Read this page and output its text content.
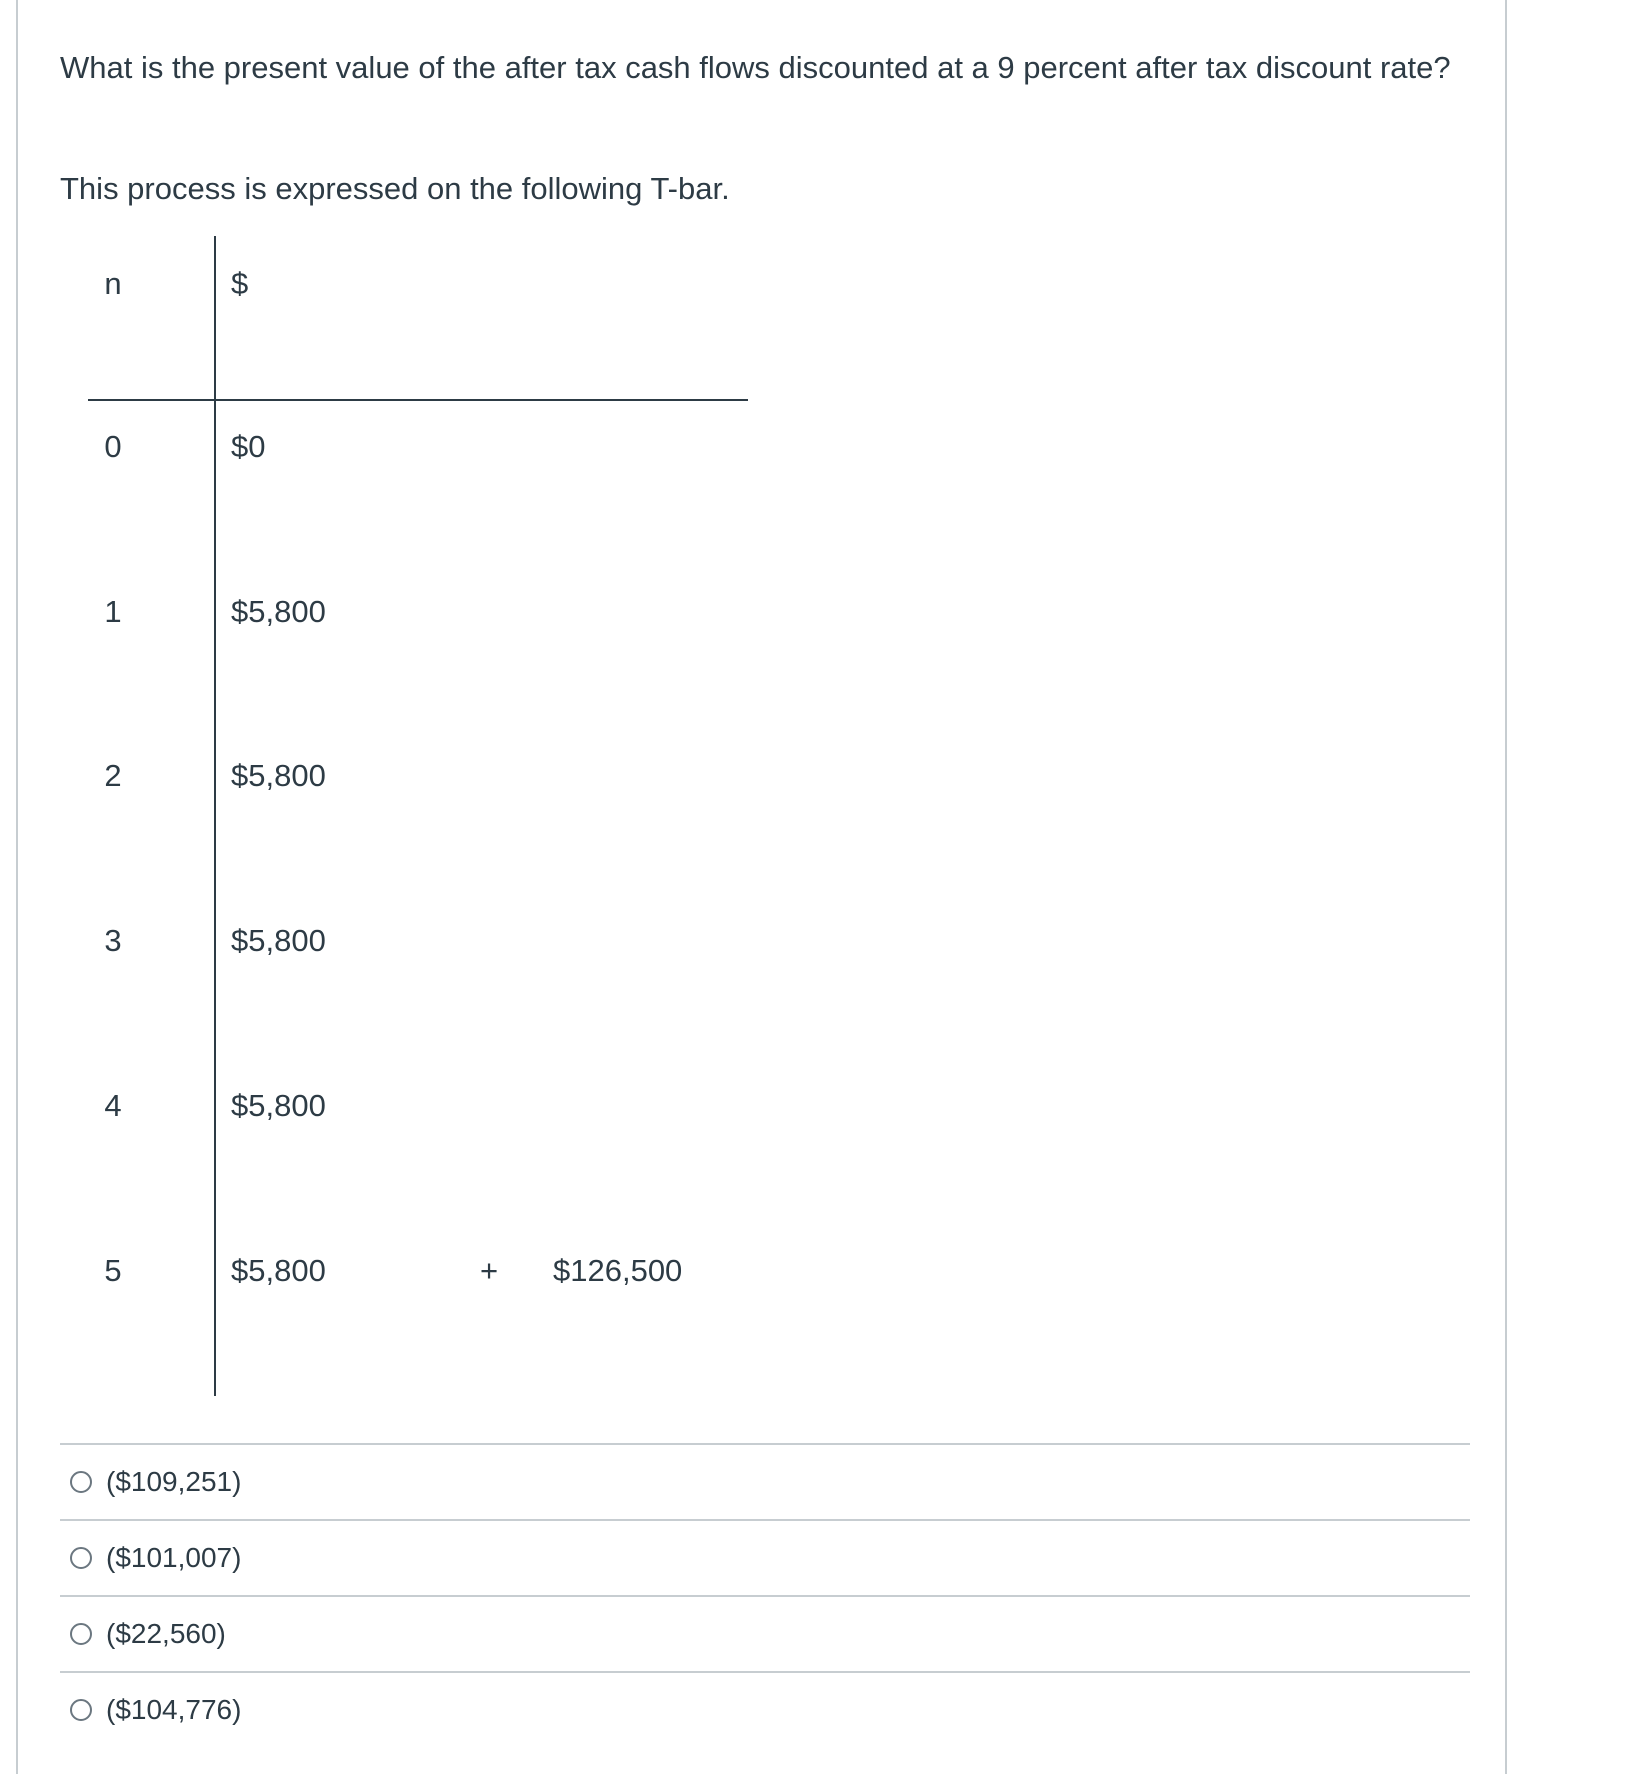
What is the present value of the after tax cash flows discounted at a 9 percent after tax discount rate?

This process is expressed on the following T-bar.

n	$
0	$0
1	$5,800
2	$5,800
3	$5,800
4	$5,800
5	$5,800	+ $126,500
($109,251)
($101,007)
($22,560)
($104,776)
